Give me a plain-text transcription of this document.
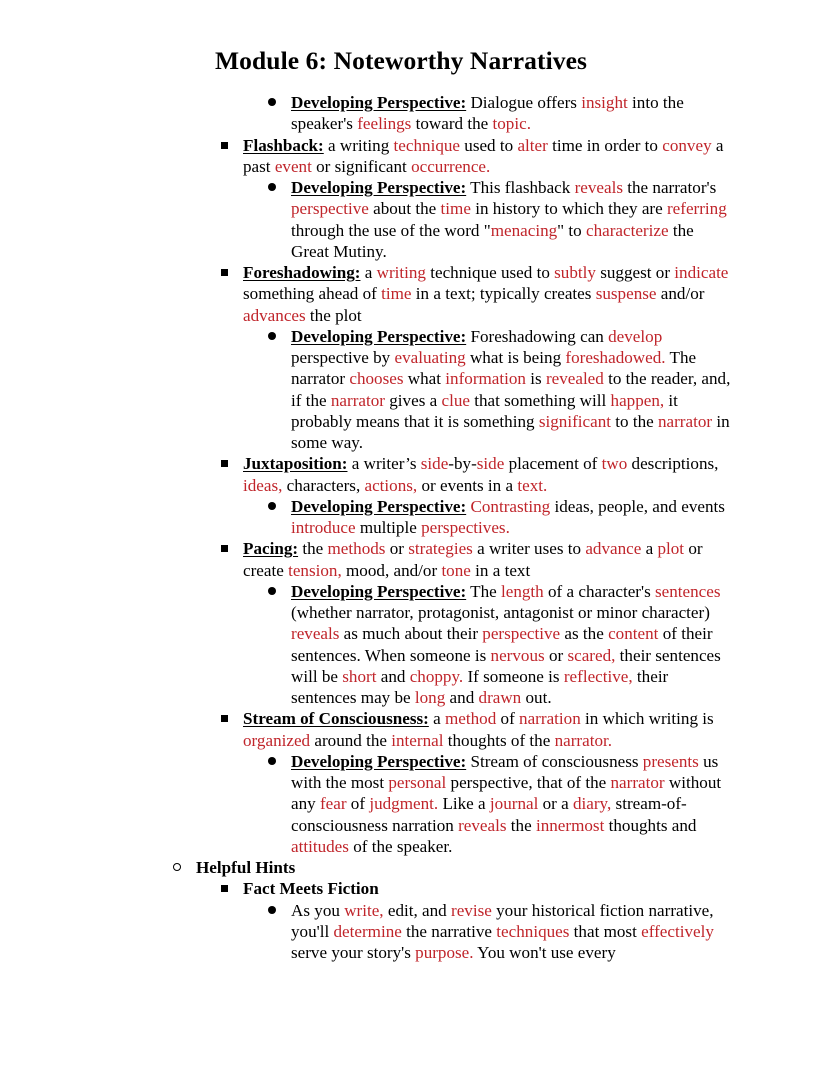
Module 6: Noteworthy Narratives

Developing Perspective: Dialogue offers insight into the speaker's feelings toward the topic.

Flashback: a writing technique used to alter time in order to convey a past event or significant occurrence.

Developing Perspective: This flashback reveals the narrator's perspective about the time in history to which they are referring through the use of the word "menacing" to characterize the Great Mutiny.

Foreshadowing: a writing technique used to subtly suggest or indicate something ahead of time in a text; typically creates suspense and/or advances the plot

Developing Perspective: Foreshadowing can develop perspective by evaluating what is being foreshadowed. The narrator chooses what information is revealed to the reader, and, if the narrator gives a clue that something will happen, it probably means that it is something significant to the narrator in some way.

Juxtaposition: a writer’s side-by-side placement of two descriptions, ideas, characters, actions, or events in a text.

Developing Perspective: Contrasting ideas, people, and events introduce multiple perspectives.

Pacing: the methods or strategies a writer uses to advance a plot or create tension, mood, and/or tone in a text

Developing Perspective: The length of a character's sentences (whether narrator, protagonist, antagonist or minor character) reveals as much about their perspective as the content of their sentences. When someone is nervous or scared, their sentences will be short and choppy. If someone is reflective, their sentences may be long and drawn out.

Stream of Consciousness: a method of narration in which writing is organized around the internal thoughts of the narrator.

Developing Perspective: Stream of consciousness presents us with the most personal perspective, that of the narrator without any fear of judgment. Like a journal or a diary, stream-of-consciousness narration reveals the innermost thoughts and attitudes of the speaker.

Helpful Hints

Fact Meets Fiction

As you write, edit, and revise your historical fiction narrative, you'll determine the narrative techniques that most effectively serve your story's purpose. You won't use every
